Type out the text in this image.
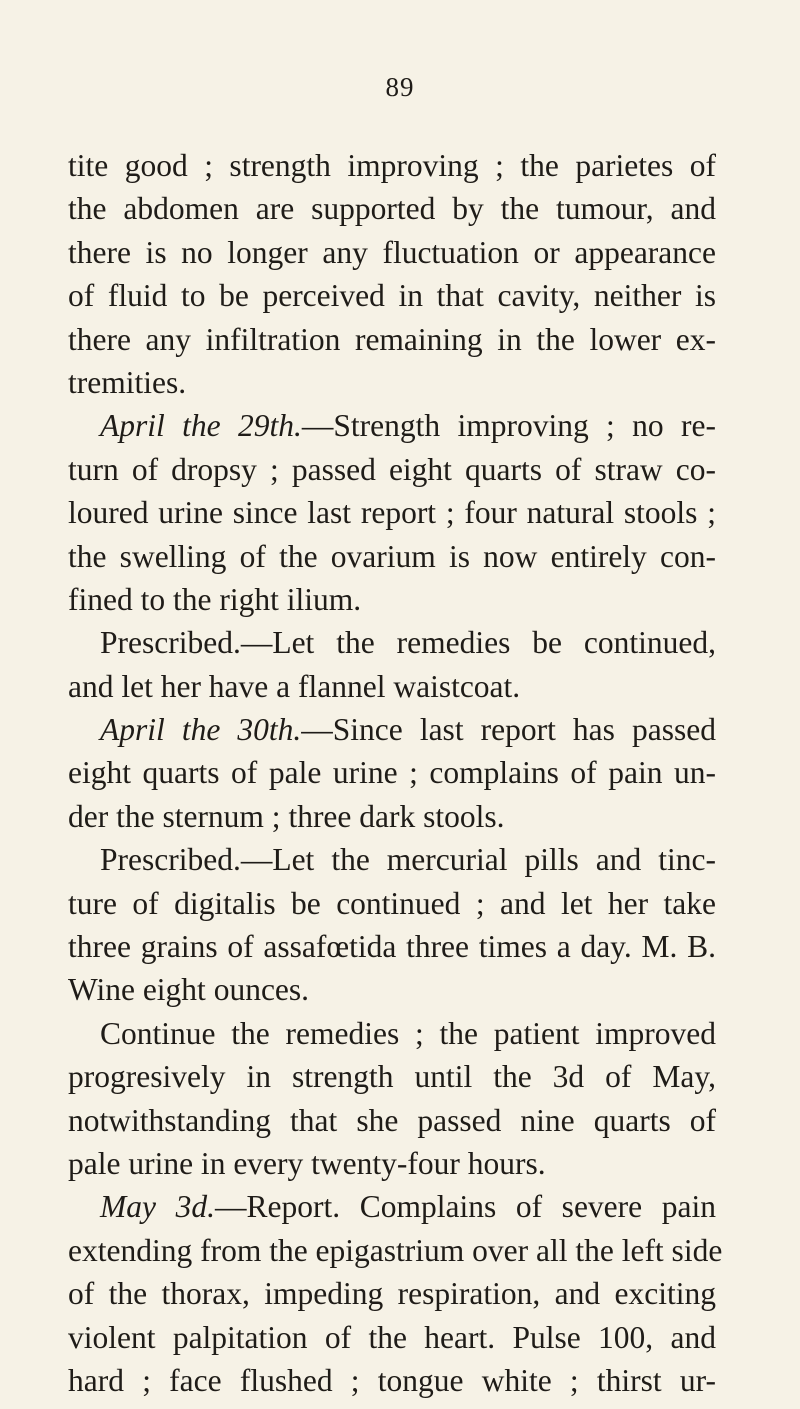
89
tite good ; strength improving ; the parietes of
the abdomen are supported by the tumour, and
there is no longer any fluctuation or appearance
of fluid to be perceived in that cavity, neither is
there any infiltration remaining in the lower ex-
tremities.
April the 29th.—Strength improving ; no re-
turn of dropsy ; passed eight quarts of straw co-
loured urine since last report ; four natural stools ;
the swelling of the ovarium is now entirely con-
fined to the right ilium.
Prescribed.—Let the remedies be continued,
and let her have a flannel waistcoat.
April the 30th.—Since last report has passed
eight quarts of pale urine ; complains of pain un-
der the sternum ; three dark stools.
Prescribed.—Let the mercurial pills and tinc-
ture of digitalis be continued ; and let her take
three grains of assafœtida three times a day. M. B.
Wine eight ounces.
Continue the remedies ; the patient improved
progresively in strength until the 3d of May,
notwithstanding that she passed nine quarts of
pale urine in every twenty-four hours.
May 3d.—Report. Complains of severe pain
extending from the epigastrium over all the left side
of the thorax, impeding respiration, and exciting
violent palpitation of the heart. Pulse 100, and
hard ; face flushed ; tongue white ; thirst ur-
